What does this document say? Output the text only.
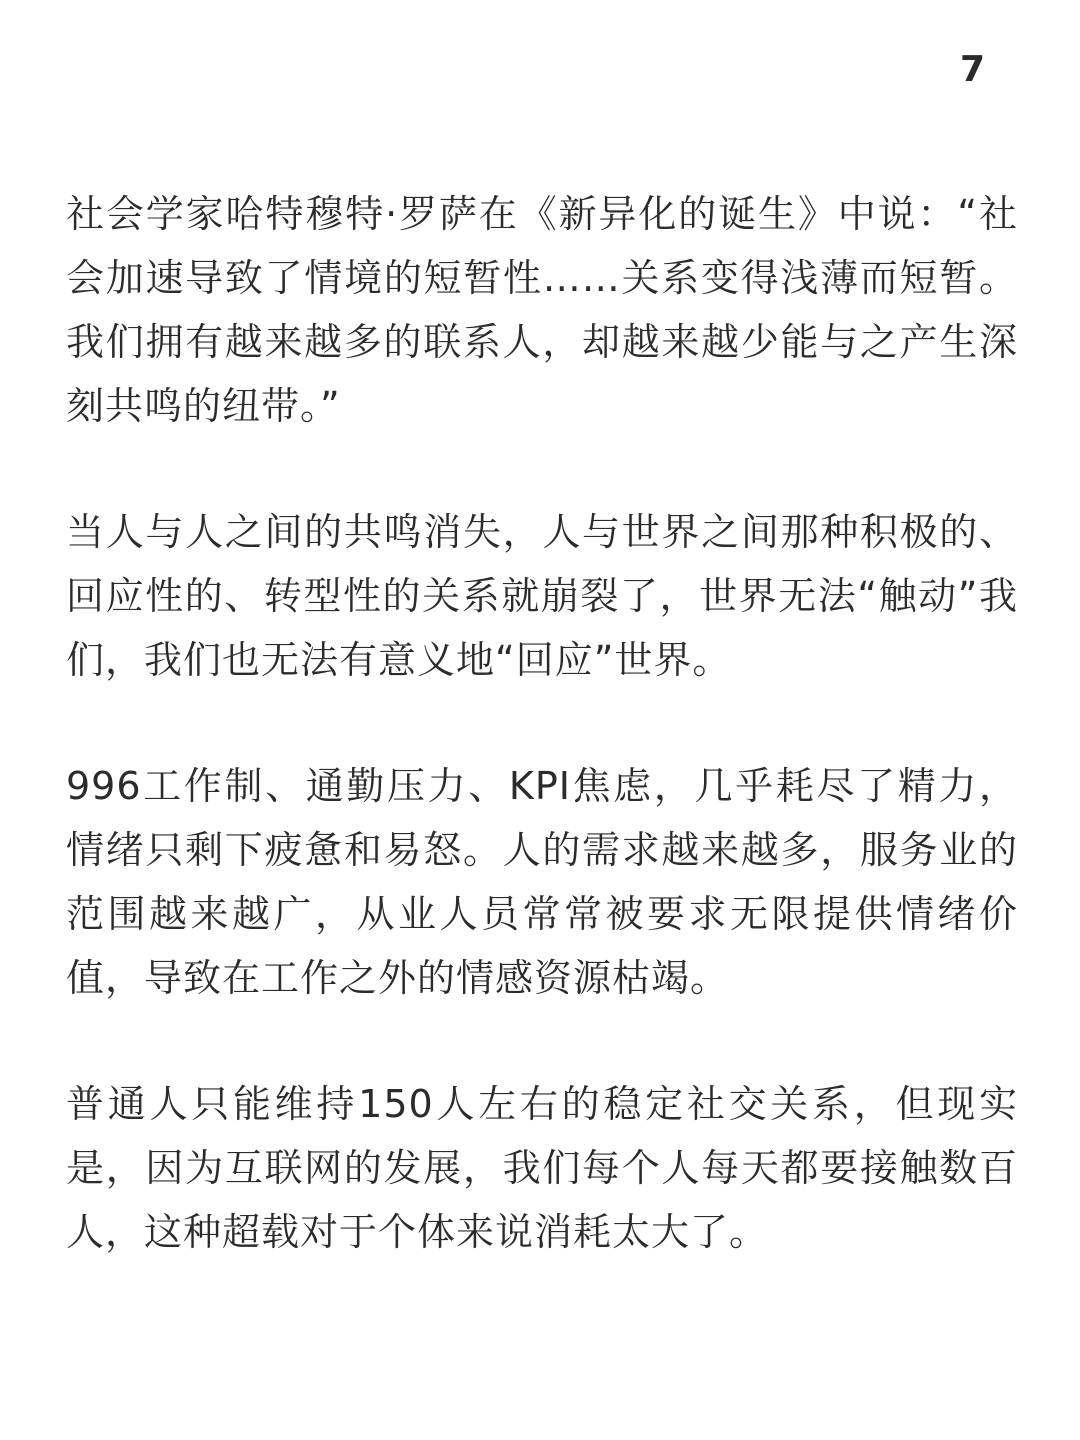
7

社会学家哈特穆特·罗萨在《新异化的诞生》中说：“社会加速导致了情境的短暂性……关系变得浅薄而短暂。我们拥有越来越多的联系人，却越来越少能与之产生深刻共鸣的纽带。”

当人与人之间的共鸣消失，人与世界之间那种积极的、回应性的、转型性的关系就崩裂了，世界无法“触动”我们，我们也无法有意义地“回应”世界。

996工作制、通勤压力、KPI焦虑，几乎耗尽了精力，情绪只剩下疲惫和易怒。人的需求越来越多，服务业的范围越来越广，从业人员常常被要求无限提供情绪价值，导致在工作之外的情感资源枯竭。

普通人只能维持150人左右的稳定社交关系，但现实是，因为互联网的发展，我们每个人每天都要接触数百人，这种超载对于个体来说消耗太大了。
